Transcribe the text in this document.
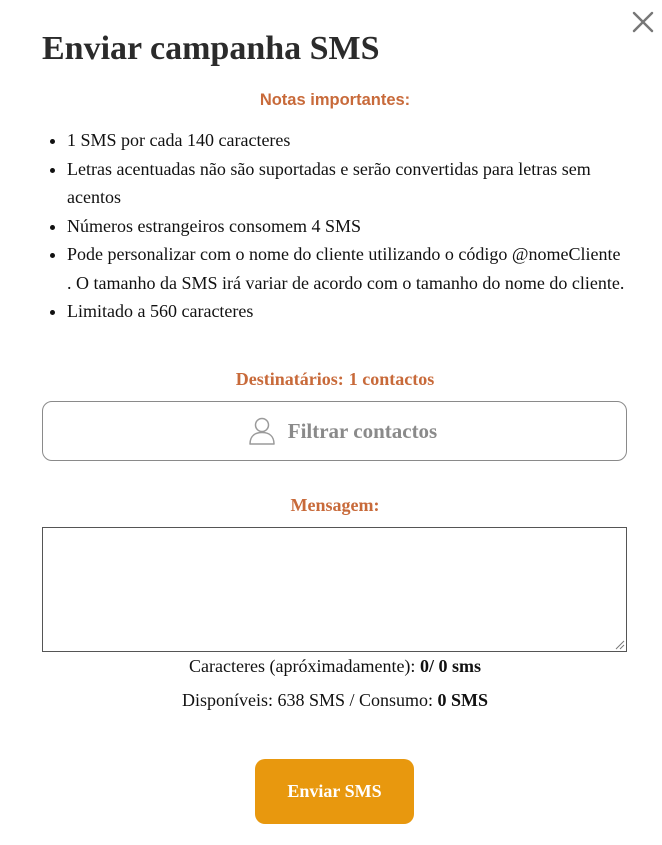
Enviar campanha SMS
Notas importantes:
• 1 SMS por cada 140 caracteres
• Letras acentuadas não são suportadas e serão convertidas para letras sem acentos
• Números estrangeiros consomem 4 SMS
• Pode personalizar com o nome do cliente utilizando o código @nomeCliente . O tamanho da SMS irá variar de acordo com o tamanho do nome do cliente.
• Limitado a 560 caracteres
Destinatários: 1 contactos
Filtrar contactos
Mensagem:
Caracteres (apróximadamente): 0/ 0 sms
Disponíveis: 638 SMS / Consumo: 0 SMS
Enviar SMS
